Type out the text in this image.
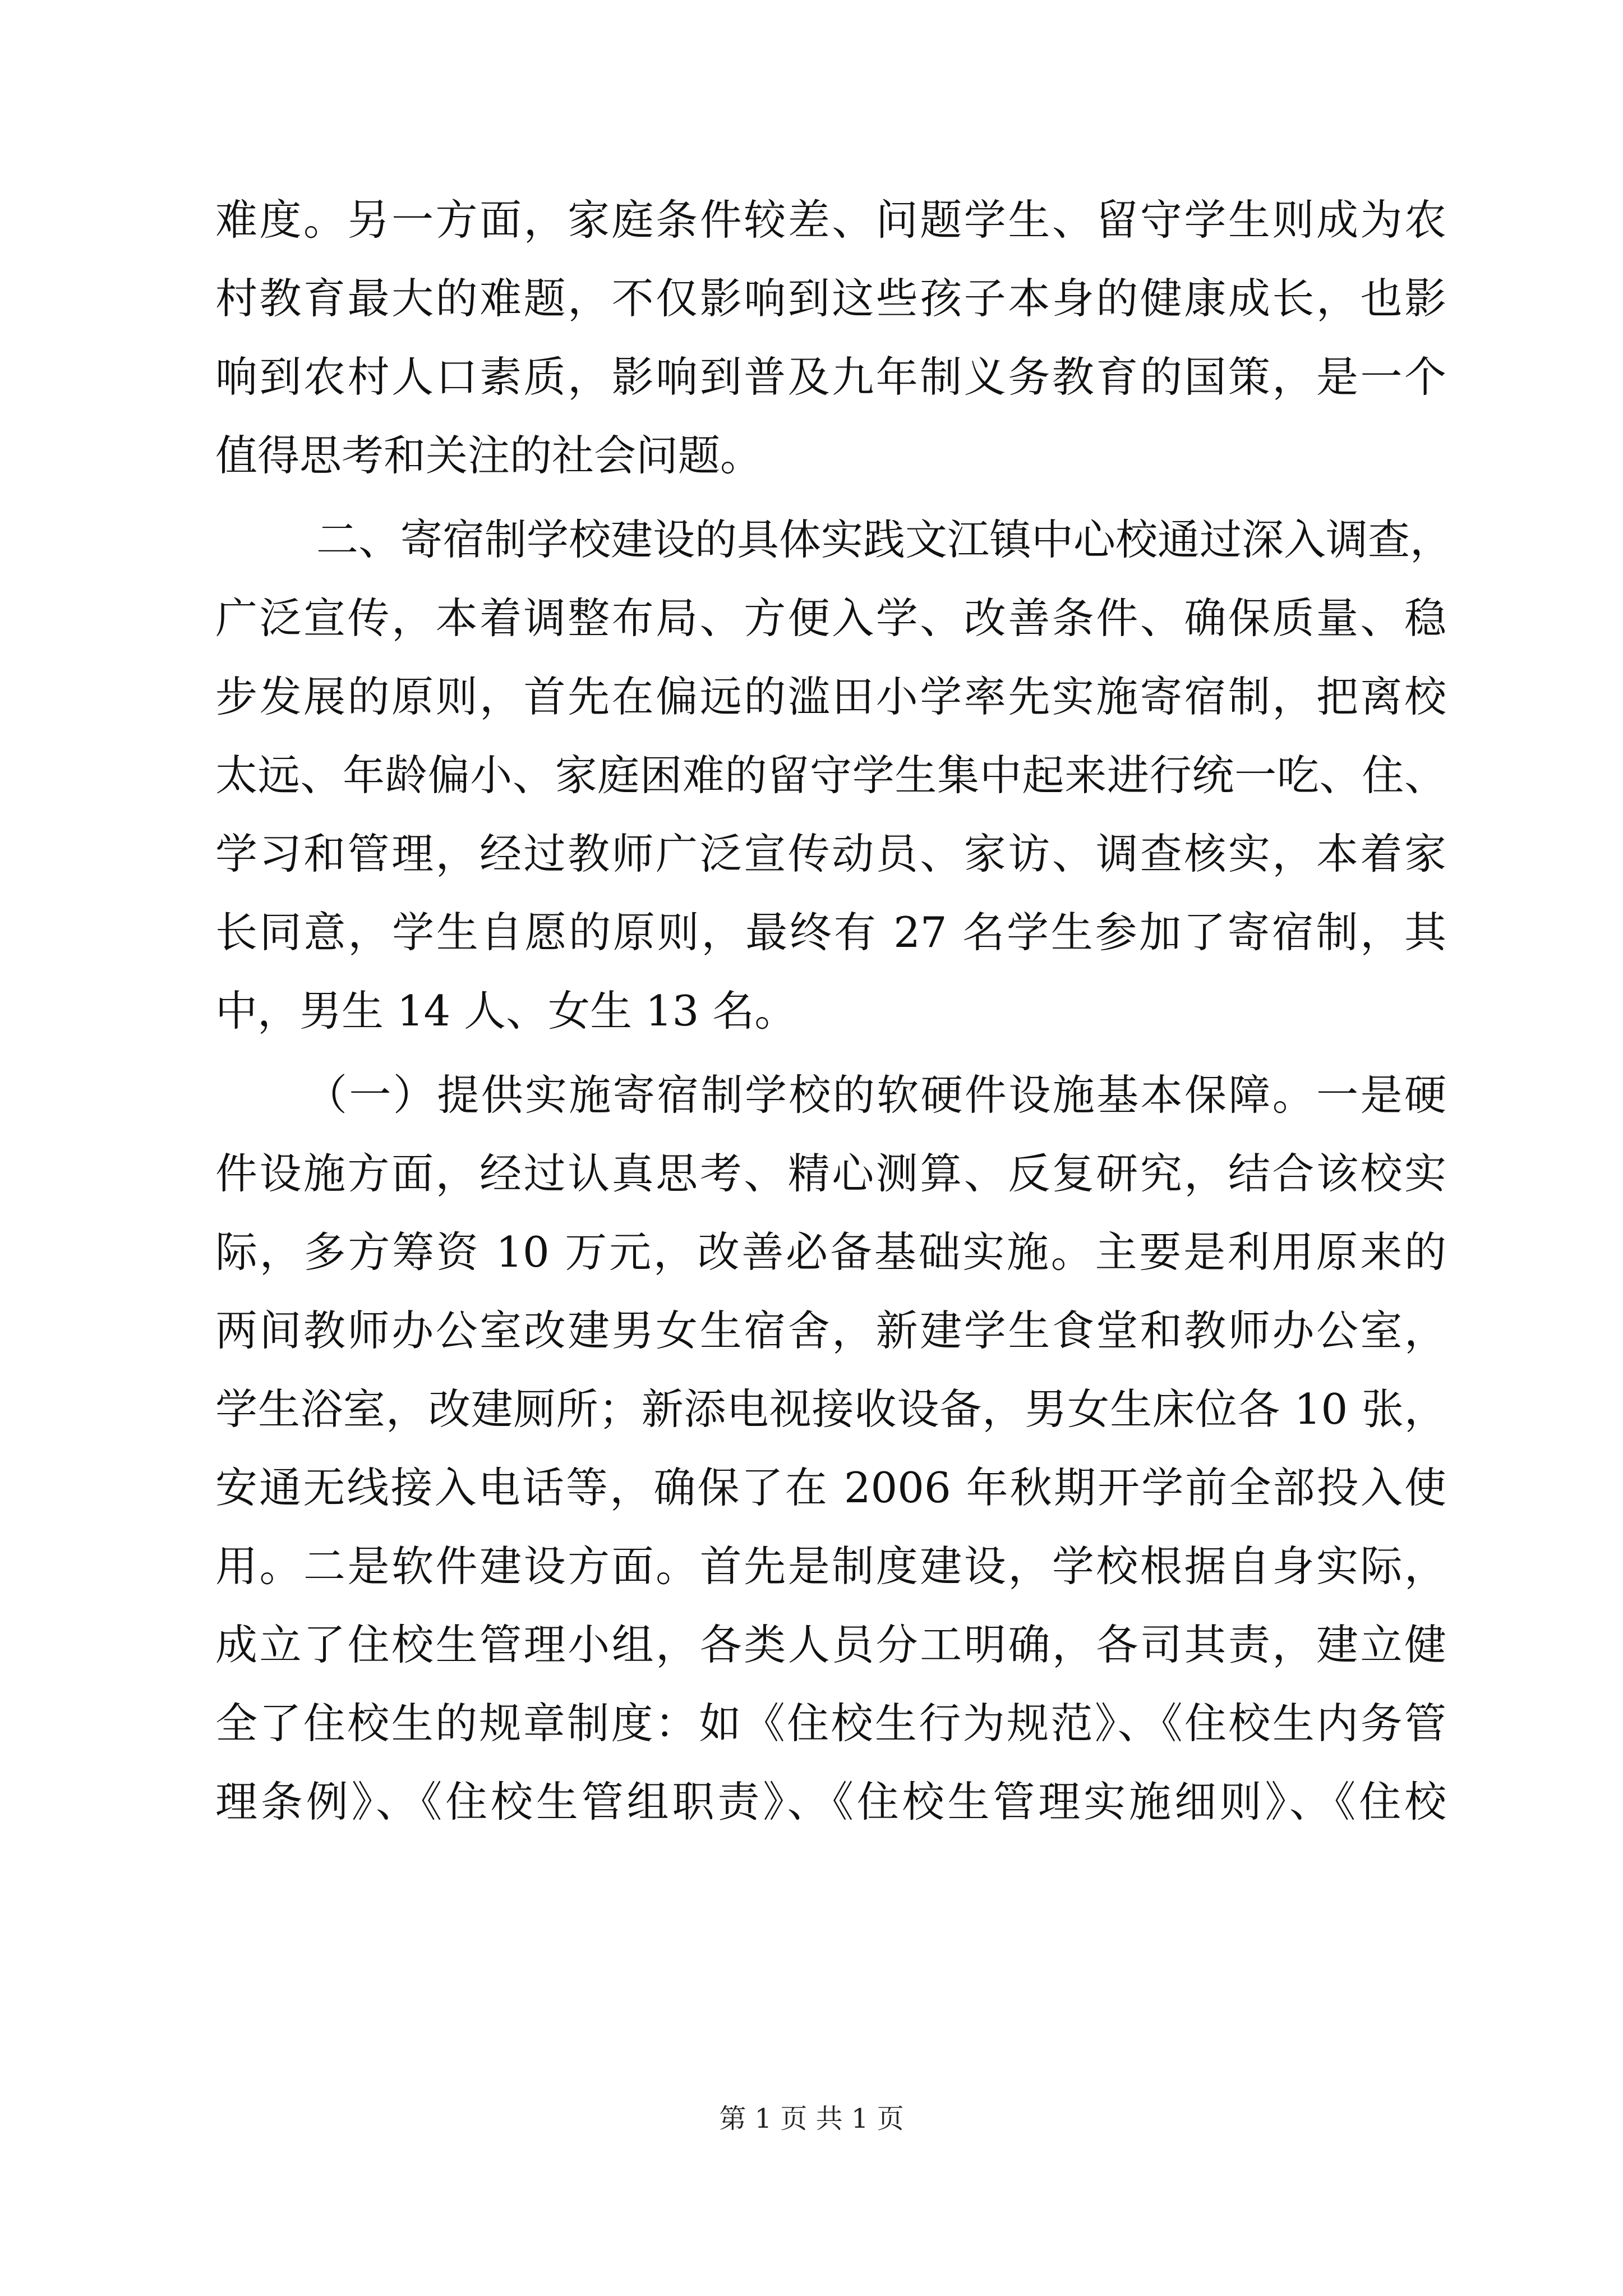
难度。另一方面，家庭条件较差、问题学生、留守学生则成为农
村教育最大的难题，不仅影响到这些孩子本身的健康成长，也影
响到农村人口素质，影响到普及九年制义务教育的国策，是一个
值得思考和关注的社会问题。
二、寄宿制学校建设的具体实践文江镇中心校通过深入调查，
广泛宣传，本着调整布局、方便入学、改善条件、确保质量、稳
步发展的原则，首先在偏远的滥田小学率先实施寄宿制，把离校
太远、年龄偏小、家庭困难的留守学生集中起来进行统一吃、住、
学习和管理，经过教师广泛宣传动员、家访、调查核实，本着家
长同意，学生自愿的原则，最终有 27 名学生参加了寄宿制，其
中，男生 14 人、女生 13 名。
（一）提供实施寄宿制学校的软硬件设施基本保障。一是硬
件设施方面，经过认真思考、精心测算、反复研究，结合该校实
际，多方筹资 10 万元，改善必备基础实施。主要是利用原来的
两间教师办公室改建男女生宿舍，新建学生食堂和教师办公室，
学生浴室，改建厕所；新添电视接收设备，男女生床位各 10 张，
安通无线接入电话等，确保了在 2006 年秋期开学前全部投入使
用。二是软件建设方面。首先是制度建设，学校根据自身实际，
成立了住校生管理小组，各类人员分工明确，各司其责，建立健
全了住校生的规章制度：如《住校生行为规范》、《住校生内务管
理条例》、《住校生管组职责》、《住校生管理实施细则》、《住校
第 1 页 共 1 页
